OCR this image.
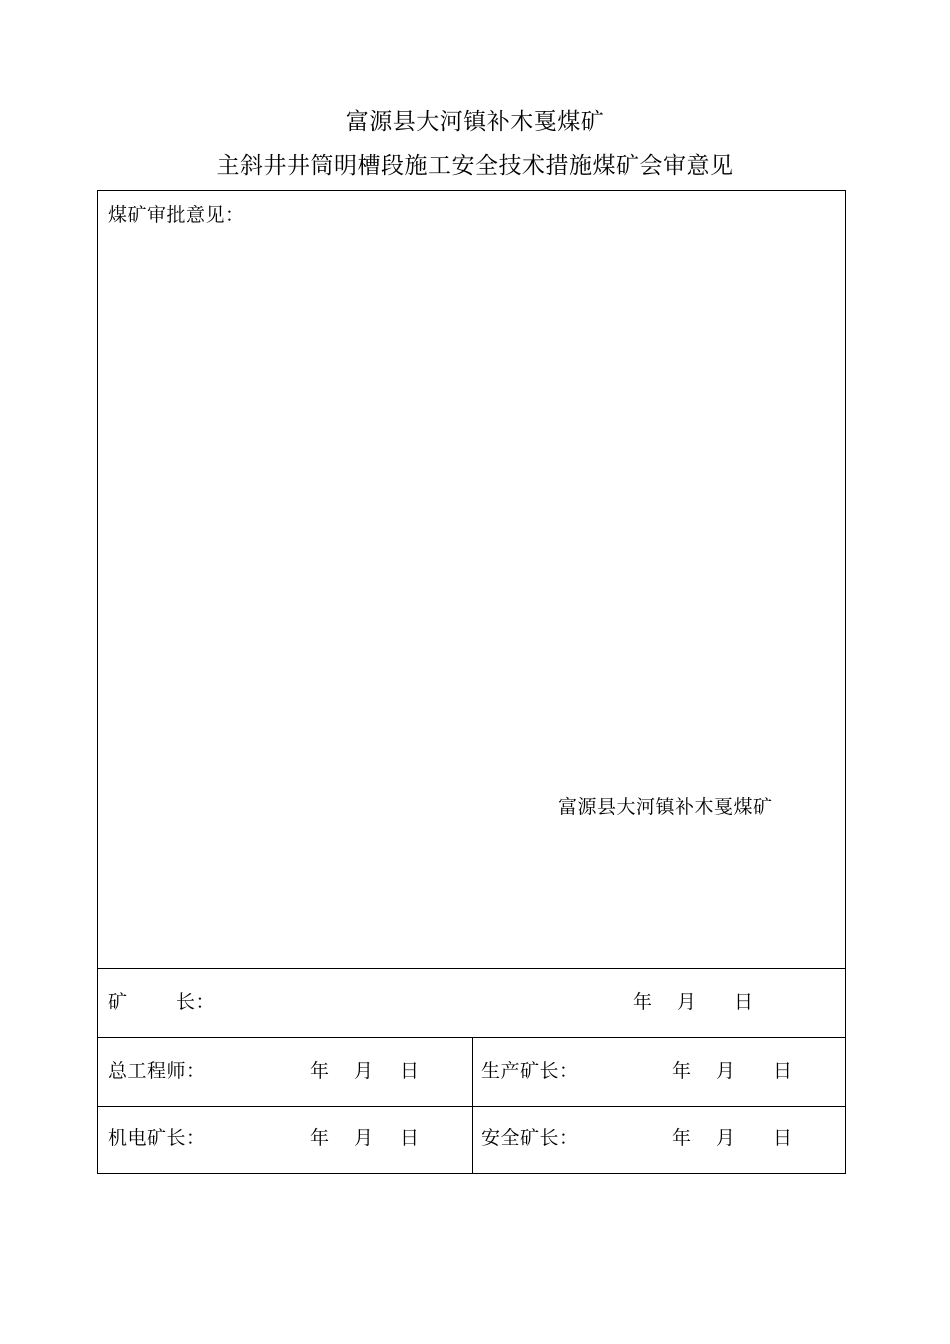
富源县大河镇补木戛煤矿
主斜井井筒明槽段施工安全技术措施煤矿会审意见
煤矿审批意见：
富源县大河镇补木戛煤矿
矿	长：	年 月 日
总工程师：	年 月 日	生产矿长：	年 月 日
机电矿长：	年 月 日	安全矿长：	年 月 日
